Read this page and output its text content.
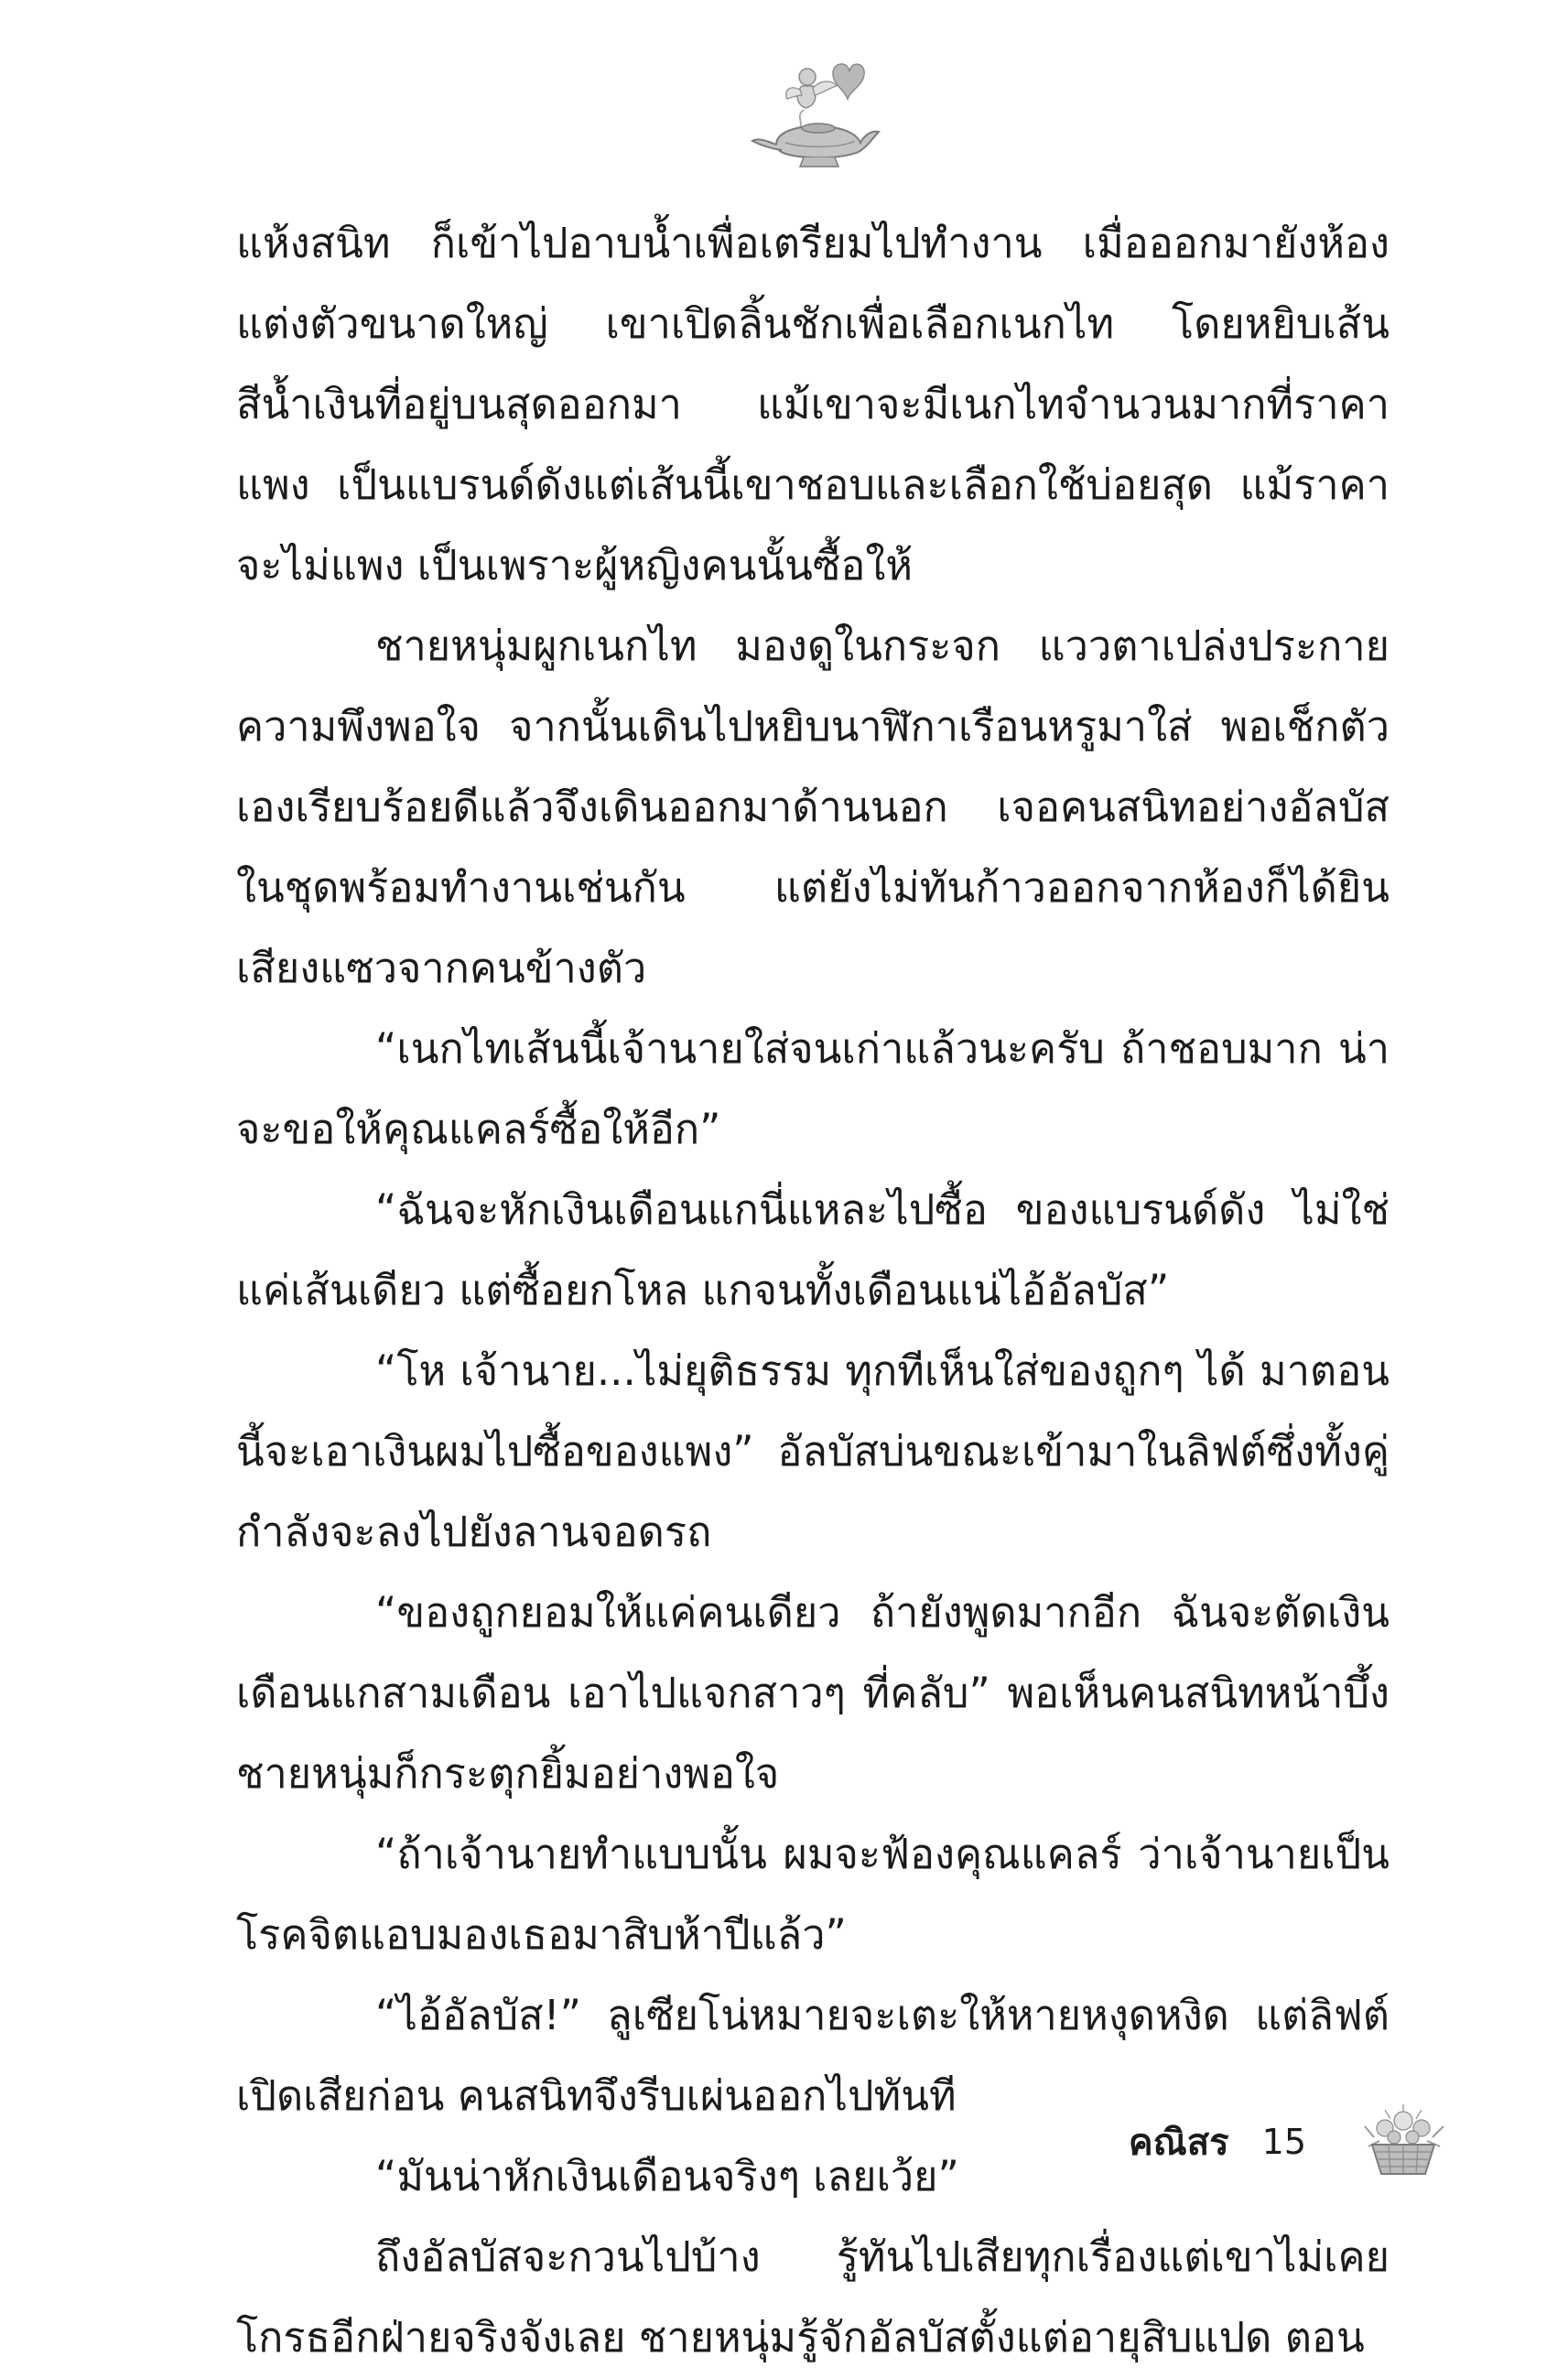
แห้งสนิท ก็เข้าไปอาบน้ำเพื่อเตรียมไปทำงาน เมื่อออกมายังห้องแต่งตัวขนาดใหญ่ เขาเปิดลิ้นชักเพื่อเลือกเนกไท โดยหยิบเส้นสีน้ำเงินที่อยู่บนสุดออกมา แม้เขาจะมีเนกไทจำนวนมากที่ราคาแพง เป็นแบรนด์ดังแต่เส้นนี้เขาชอบและเลือกใช้บ่อยสุด แม้ราคาจะไม่แพง เป็นเพราะผู้หญิงคนนั้นซื้อให้

ชายหนุ่มผูกเนกไท มองดูในกระจก แววตาเปล่งประกายความพึงพอใจ จากนั้นเดินไปหยิบนาฬิกาเรือนหรูมาใส่ พอเช็กตัวเองเรียบร้อยดีแล้วจึงเดินออกมาด้านนอก เจอคนสนิทอย่างอัลบัสในชุดพร้อมทำงานเช่นกัน แต่ยังไม่ทันก้าวออกจากห้องก็ได้ยินเสียงแซวจากคนข้างตัว

“เนกไทเส้นนี้เจ้านายใส่จนเก่าแล้วนะครับ ถ้าชอบมาก น่าจะขอให้คุณแคลร์ซื้อให้อีก”

“ฉันจะหักเงินเดือนแกนี่แหละไปซื้อ ของแบรนด์ดัง ไม่ใช่แค่เส้นเดียว แต่ซื้อยกโหล แกจนทั้งเดือนแน่ไอ้อัลบัส”

“โห เจ้านาย...ไม่ยุติธรรม ทุกทีเห็นใส่ของถูกๆ ได้ มาตอนนี้จะเอาเงินผมไปซื้อของแพง” อัลบัสบ่นขณะเข้ามาในลิฟต์ซึ่งทั้งคู่กำลังจะลงไปยังลานจอดรถ

“ของถูกยอมให้แค่คนเดียว ถ้ายังพูดมากอีก ฉันจะตัดเงินเดือนแกสามเดือน เอาไปแจกสาวๆ ที่คลับ” พอเห็นคนสนิทหน้าบึ้งชายหนุ่มก็กระตุกยิ้มอย่างพอใจ

“ถ้าเจ้านายทำแบบนั้น ผมจะฟ้องคุณแคลร์ ว่าเจ้านายเป็นโรคจิตแอบมองเธอมาสิบห้าปีแล้ว”

“ไอ้อัลบัส!” ลูเซียโน่หมายจะเตะให้หายหงุดหงิด แต่ลิฟต์เปิดเสียก่อน คนสนิทจึงรีบเผ่นออกไปทันที

“มันน่าหักเงินเดือนจริงๆ เลยเว้ย”

ถึงอัลบัสจะกวนไปบ้าง รู้ทันไปเสียทุกเรื่องแต่เขาไม่เคยโกรธอีกฝ่ายจริงจังเลย ชายหนุ่มรู้จักอัลบัสตั้งแต่อายุสิบแปด ตอน

คณิสร 15
